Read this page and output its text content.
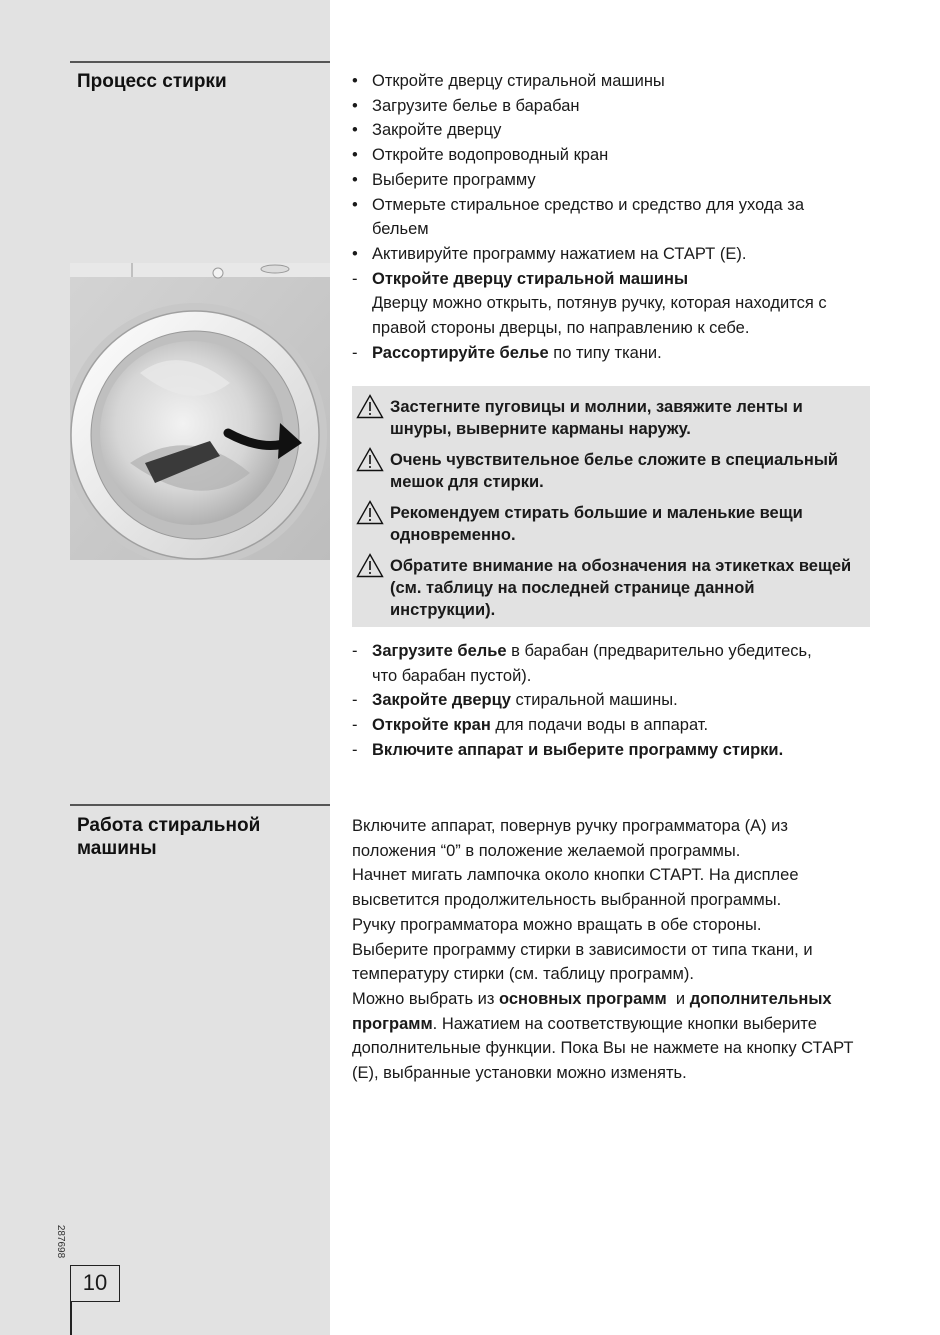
Процесс стирки	• Откройте дверцу стиральной машины
• Загрузите белье в барабан
• Закройте дверцу
• Откройте водопроводный кран
• Выберите программу
• Отмерьте стиральное средство и средство для ухода за бельем
• Активируйте программу нажатием на СТАРТ (Е).
- Откройте дверцу стиральной машины
Дверцу можно открыть, потянув ручку, которая находится с правой стороны дверцы, по направлению к себе.
- Рассортируйте белье по типу ткани.
Застегните пуговицы и молнии, завяжите ленты и шнуры, выверните карманы наружу.
Очень чувствительное белье сложите в специальный мешок для стирки.
Рекомендуем стирать большие и маленькие вещи одновременно.
Обратите внимание на обозначения на этикетках вещей (см. таблицу на последней странице данной инструкции).
- Загрузите белье в барабан (предварительно убедитесь, что барабан пустой).
- Закройте дверцу стиральной машины.
- Откройте кран для подачи воды в аппарат.
- Включите аппарат и выберите программу стирки.
Работа стиральной
машины

Включите аппарат, повернув ручку программатора (А) из положения “0” в положение желаемой программы.

Начнет мигать лампочка около кнопки СТАРТ. На дисплее высветится продолжительность выбранной программы.

Ручку программатора можно вращать в обе стороны.

Выберите программу стирки в зависимости от типа ткани, и температуру стирки (см. таблицу программ).

Можно выбрать из основных программ  и дополнительных программ. Нажатием на соответствующие кнопки выберите дополнительные функции. Пока Вы не нажмете на кнопку СТАРТ (Е), выбранные установки можно изменять.

287698
10
